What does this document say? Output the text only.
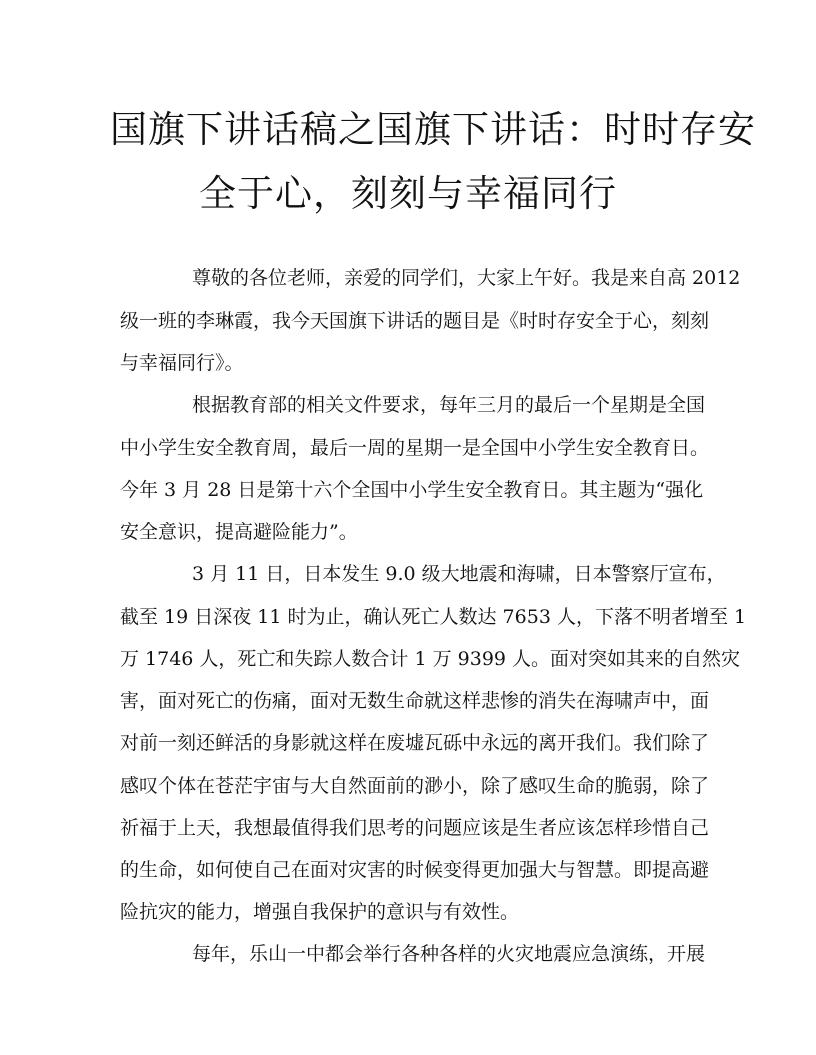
国旗下讲话稿之国旗下讲话：时时存安
全于心，刻刻与幸福同行
尊敬的各位老师，亲爱的同学们，大家上午好。我是来自高 2012
级一班的李琳霞，我今天国旗下讲话的题目是《时时存安全于心，刻刻
与幸福同行》。
根据教育部的相关文件要求，每年三月的最后一个星期是全国
中小学生安全教育周，最后一周的星期一是全国中小学生安全教育日。
今年 3 月 28 日是第十六个全国中小学生安全教育日。其主题为“强化
安全意识，提高避险能力”。
3 月 11 日，日本发生 9.0 级大地震和海啸，日本警察厅宣布，
截至 19 日深夜 11 时为止，确认死亡人数达 7653 人，下落不明者增至 1
万 1746 人，死亡和失踪人数合计 1 万 9399 人。面对突如其来的自然灾
害，面对死亡的伤痛，面对无数生命就这样悲惨的消失在海啸声中，面
对前一刻还鲜活的身影就这样在废墟瓦砾中永远的离开我们。我们除了
感叹个体在苍茫宇宙与大自然面前的渺小，除了感叹生命的脆弱，除了
祈福于上天，我想最值得我们思考的问题应该是生者应该怎样珍惜自己
的生命，如何使自己在面对灾害的时候变得更加强大与智慧。即提高避
险抗灾的能力，增强自我保护的意识与有效性。
每年，乐山一中都会举行各种各样的火灾地震应急演练，开展
